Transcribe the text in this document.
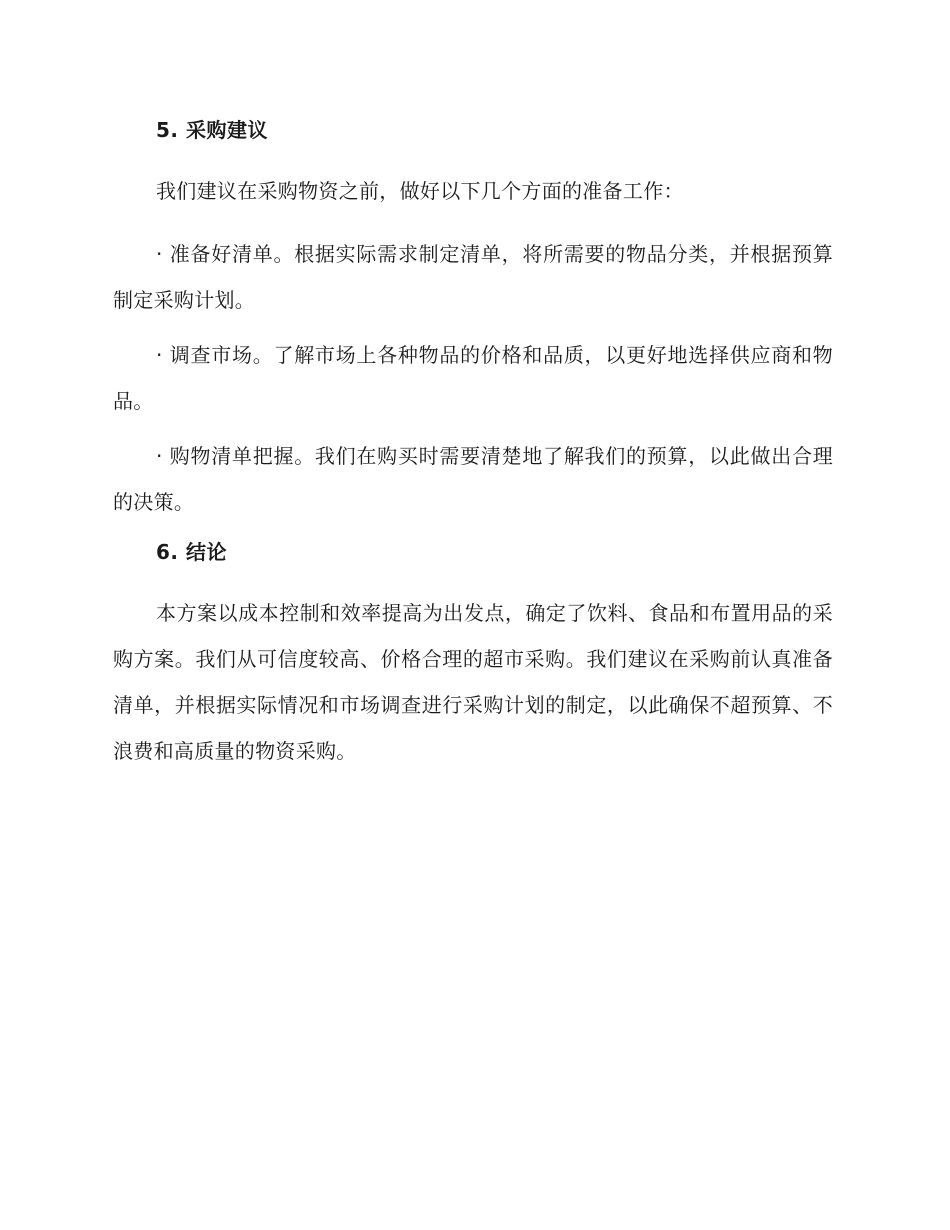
5. 采购建议

我们建议在采购物资之前，做好以下几个方面的准备工作：

· 准备好清单。根据实际需求制定清单，将所需要的物品分类，并根据预算制定采购计划。

· 调查市场。了解市场上各种物品的价格和品质，以更好地选择供应商和物品。

· 购物清单把握。我们在购买时需要清楚地了解我们的预算，以此做出合理的决策。

6. 结论

本方案以成本控制和效率提高为出发点，确定了饮料、食品和布置用品的采购方案。我们从可信度较高、价格合理的超市采购。我们建议在采购前认真准备清单，并根据实际情况和市场调查进行采购计划的制定，以此确保不超预算、不浪费和高质量的物资采购。
